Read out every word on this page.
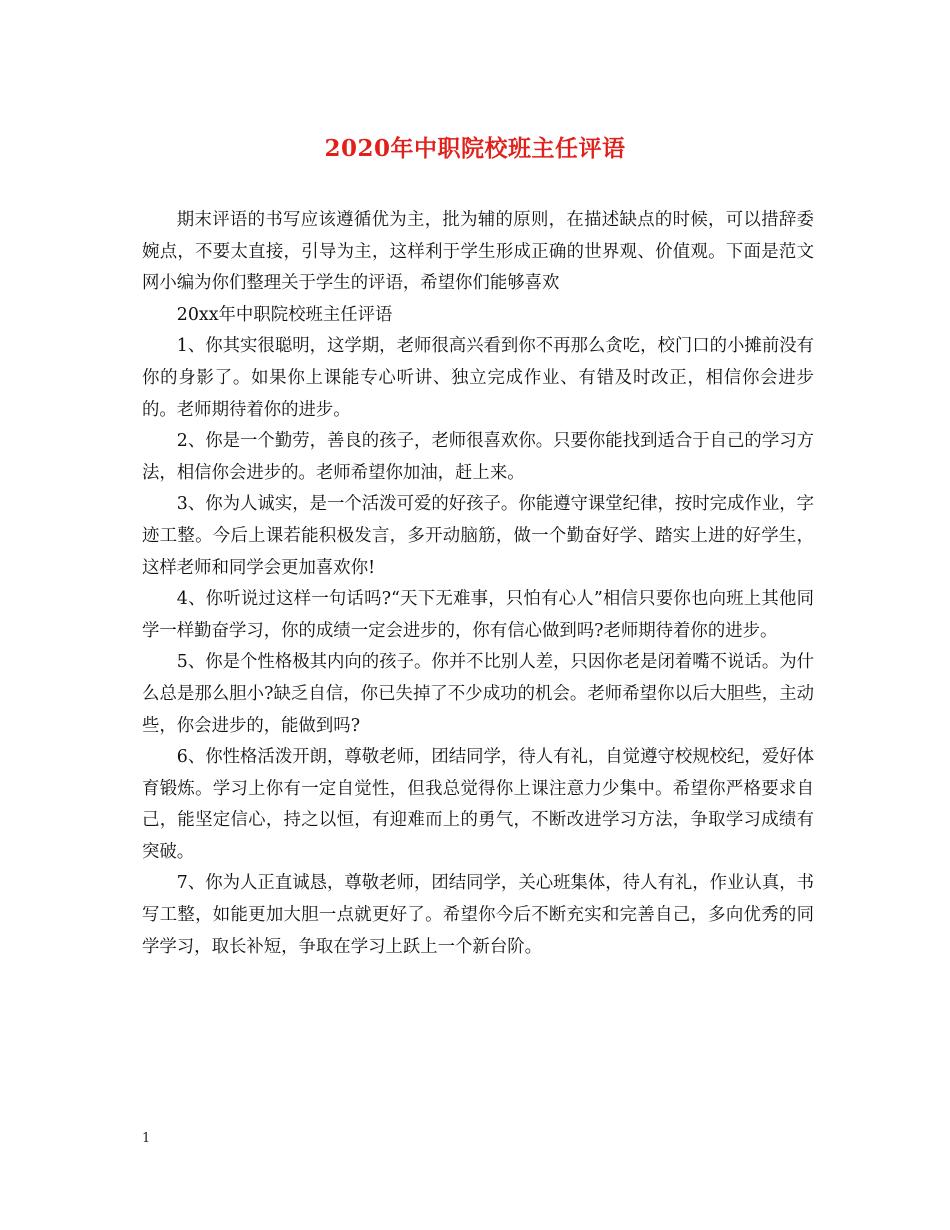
2020年中职院校班主任评语

期末评语的书写应该遵循优为主，批为辅的原则，在描述缺点的时候，可以措辞委婉点，不要太直接，引导为主，这样利于学生形成正确的世界观、价值观。下面是范文网小编为你们整理关于学生的评语，希望你们能够喜欢

20xx年中职院校班主任评语

1、你其实很聪明，这学期，老师很高兴看到你不再那么贪吃，校门口的小摊前没有你的身影了。如果你上课能专心听讲、独立完成作业、有错及时改正，相信你会进步的。老师期待着你的进步。

2、你是一个勤劳，善良的孩子，老师很喜欢你。只要你能找到适合于自己的学习方法，相信你会进步的。老师希望你加油，赶上来。

3、你为人诚实，是一个活泼可爱的好孩子。你能遵守课堂纪律，按时完成作业，字迹工整。今后上课若能积极发言，多开动脑筋，做一个勤奋好学、踏实上进的好学生，这样老师和同学会更加喜欢你!

4、你听说过这样一句话吗?“天下无难事，只怕有心人”相信只要你也向班上其他同学一样勤奋学习，你的成绩一定会进步的，你有信心做到吗?老师期待着你的进步。

5、你是个性格极其内向的孩子。你并不比别人差，只因你老是闭着嘴不说话。为什么总是那么胆小?缺乏自信，你已失掉了不少成功的机会。老师希望你以后大胆些，主动些，你会进步的，能做到吗?

6、你性格活泼开朗，尊敬老师，团结同学，待人有礼，自觉遵守校规校纪，爱好体育锻炼。学习上你有一定自觉性，但我总觉得你上课注意力少集中。希望你严格要求自己，能坚定信心，持之以恒，有迎难而上的勇气，不断改进学习方法，争取学习成绩有突破。

7、你为人正直诚恳，尊敬老师，团结同学，关心班集体，待人有礼，作业认真，书写工整，如能更加大胆一点就更好了。希望你今后不断充实和完善自己，多向优秀的同学学习，取长补短，争取在学习上跃上一个新台阶。

1
